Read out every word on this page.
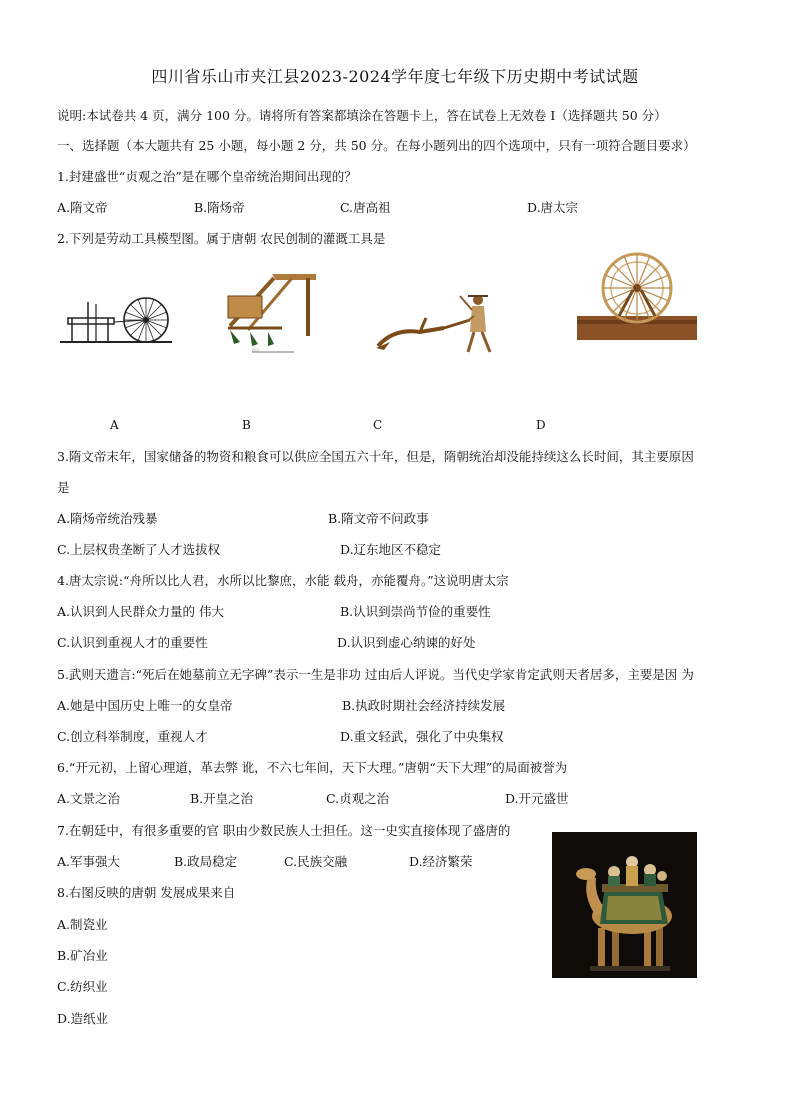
四川省乐山市夹江县2023-2024学年度七年级下历史期中考试试题
说明:本试卷共 4 页，满分 100 分。请将所有答案都填涂在答题卡上，答在试卷上无效卷 I（选择题共 50 分）
一、选择题（本大题共有 25 小题，每小题 2 分，共 50 分。在每小题列出的四个选项中，只有一项符合题目要求）
1.封建盛世“贞观之治”是在哪个皇帝统治期间出现的？
A.隋文帝	B.隋炀帝	C.唐高祖	D.唐太宗
2.下列是劳动工具模型图。属于唐朝 农民创制的灌溉工具是
图片...............
A	B	C	D
3.隋文帝末年，国家储备的物资和粮食可以供应全国五六十年，但是，隋朝统治却没能持续这么长时间，其主要原因
是
A.隋炀帝统治残暴	B.隋文帝不问政事
C.上层权贵垄断了人才选拔权	D.辽东地区不稳定
4.唐太宗说:“舟所以比人君，水所以比黎庶，水能 载舟，亦能覆舟。”这说明唐太宗
A.认识到人民群众力量的 伟大	B.认识到崇尚节俭的重要性
C.认识到重视人才的重要性	D.认识到虚心纳谏的好处
5.武则天遗言:“死后在她墓前立无字碑”表示一生是非功 过由后人评说。当代史学家肯定武则天者居多，主要是因 为
A.她是中国历史上唯一的女皇帝	B.执政时期社会经济持续发展
C.创立科举制度，重视人才	D.重文轻武，强化了中央集权
6.“开元初，上留心理道，革去弊 讹，不六七年间，天下大理。”唐朝“天下大理”的局面被誉为
A.文景之治	B.开皇之治	C.贞观之治	D.开元盛世
7.在朝廷中，有很多重要的官 职由少数民族人士担任。这一史实直接体现了盛唐的
A.军事强大	B.政局稳定	C.民族交融	D.经济繁荣
8.右图反映的唐朝 发展成果来自
A.制瓷业
B.矿冶业
C.纺织业
D.造纸业
